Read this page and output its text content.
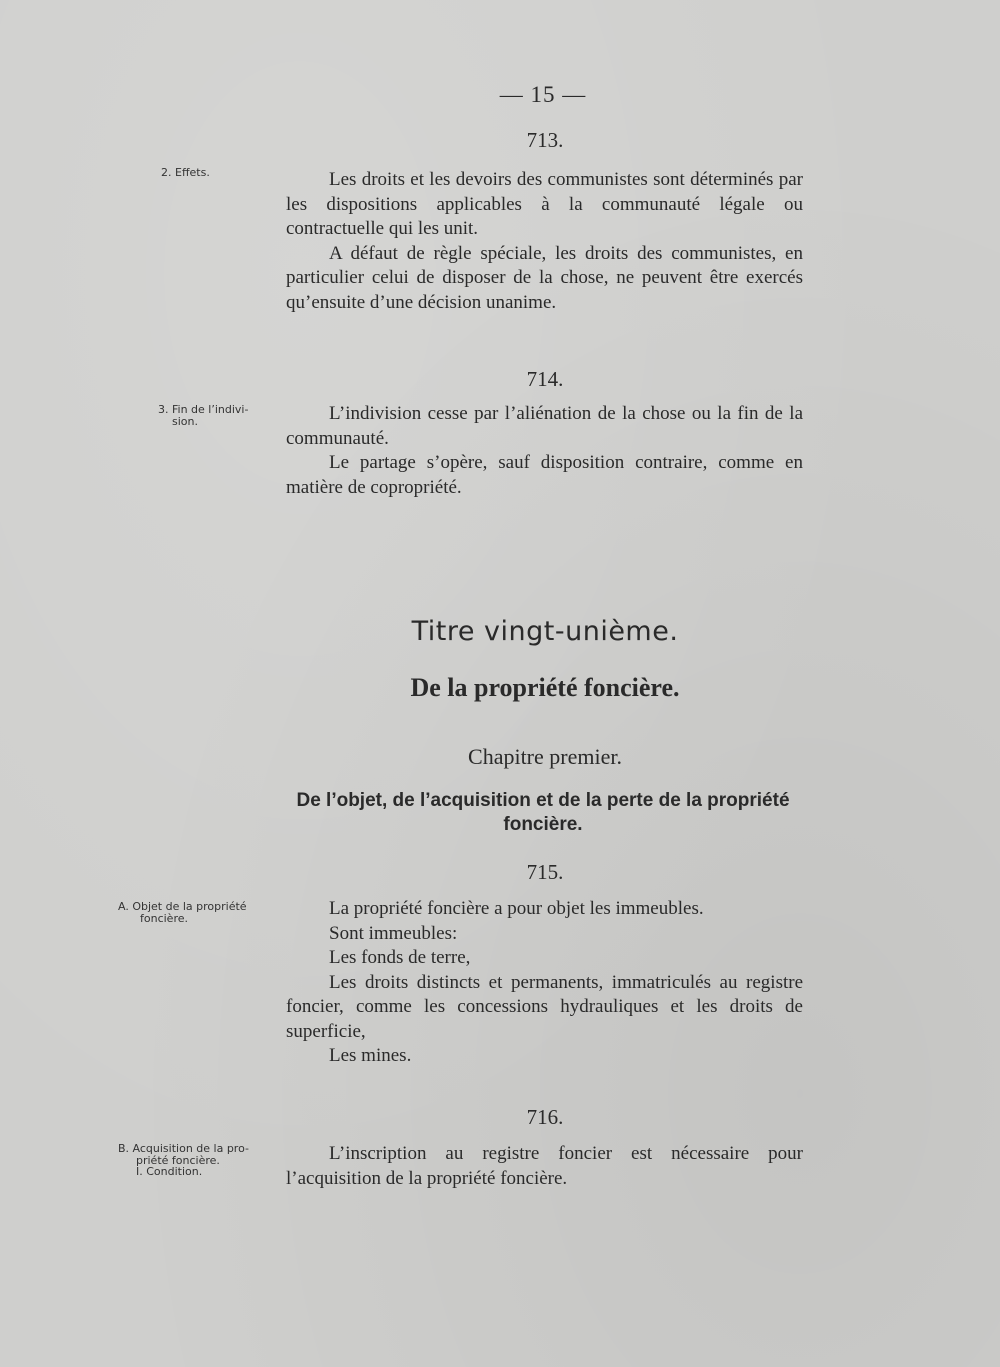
— 15 —
713.
2. Effets.	Les droits et les devoirs des communistes sont déterminés par les dispositions applicables à la communauté légale ou contractuelle qui les unit.

A défaut de règle spéciale, les droits des communistes, en particulier celui de disposer de la chose, ne peuvent être exercés qu’ensuite d’une décision unanime.

714.
3. Fin de l’indivi-
sion.	L’indivision cesse par l’aliénation de la chose ou la fin de la communauté.

Le partage s’opère, sauf disposition contraire, comme en matière de copropriété.

Titre vingt-unième.
De la propriété foncière.
Chapitre premier.
De l’objet, de l’acquisition et de la perte de la propriété
foncière.
715.
A. Objet de la propriété
foncière.	La propriété foncière a pour objet les immeubles.

Sont immeubles:

Les fonds de terre,

Les droits distincts et permanents, immatriculés au registre foncier, comme les concessions hydrauliques et les droits de superficie,

Les mines.

716.
B. Acquisition de la pro-
priété foncière.
I. Condition.

L’inscription au registre foncier est nécessaire pour l’acquisition de la propriété foncière.
